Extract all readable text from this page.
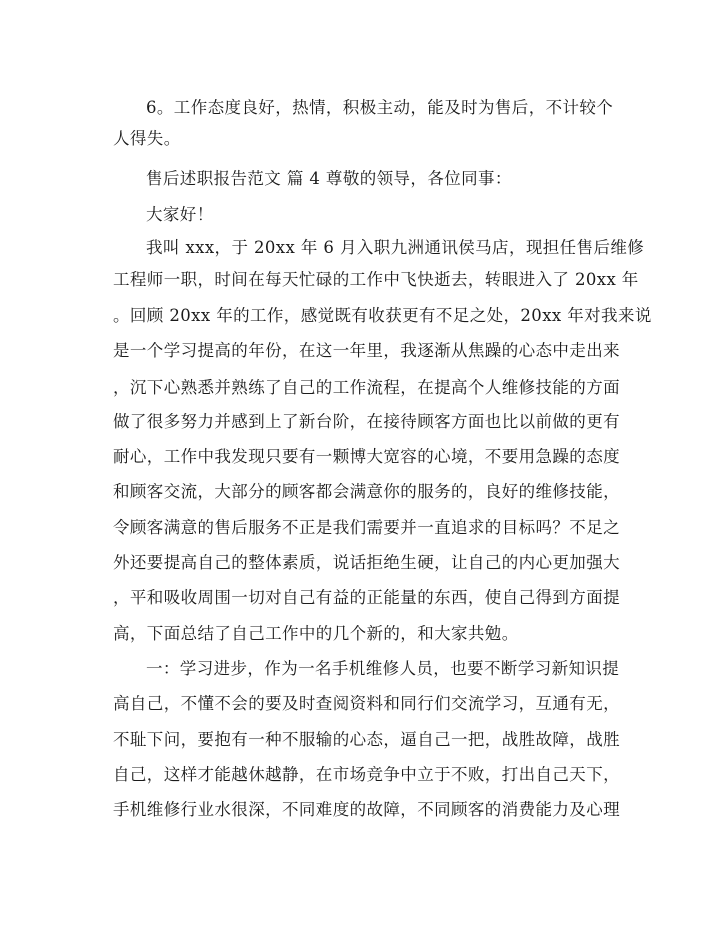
6。工作态度良好，热情，积极主动，能及时为售后，不计较个
人得失。
售后述职报告范文 篇 4 尊敬的领导，各位同事：
大家好！
我叫 xxx，于 20xx 年 6 月入职九洲通讯侯马店，现担任售后维修
工程师一职，时间在每天忙碌的工作中飞快逝去，转眼进入了 20xx 年
。回顾 20xx 年的工作，感觉既有收获更有不足之处，20xx 年对我来说
是一个学习提高的年份，在这一年里，我逐渐从焦躁的心态中走出来
，沉下心熟悉并熟练了自己的工作流程，在提高个人维修技能的方面
做了很多努力并感到上了新台阶，在接待顾客方面也比以前做的更有
耐心，工作中我发现只要有一颗博大宽容的心境，不要用急躁的态度
和顾客交流，大部分的顾客都会满意你的服务的，良好的维修技能，
令顾客满意的售后服务不正是我们需要并一直追求的目标吗？不足之
外还要提高自己的整体素质，说话拒绝生硬，让自己的内心更加强大
，平和吸收周围一切对自己有益的正能量的东西，使自己得到方面提
高，下面总结了自己工作中的几个新的，和大家共勉。
一：学习进步，作为一名手机维修人员，也要不断学习新知识提
高自己，不懂不会的要及时查阅资料和同行们交流学习，互通有无，
不耻下问，要抱有一种不服输的心态，逼自己一把，战胜故障，战胜
自己，这样才能越休越静，在市场竞争中立于不败，打出自己天下，
手机维修行业水很深，不同难度的故障，不同顾客的消费能力及心理
